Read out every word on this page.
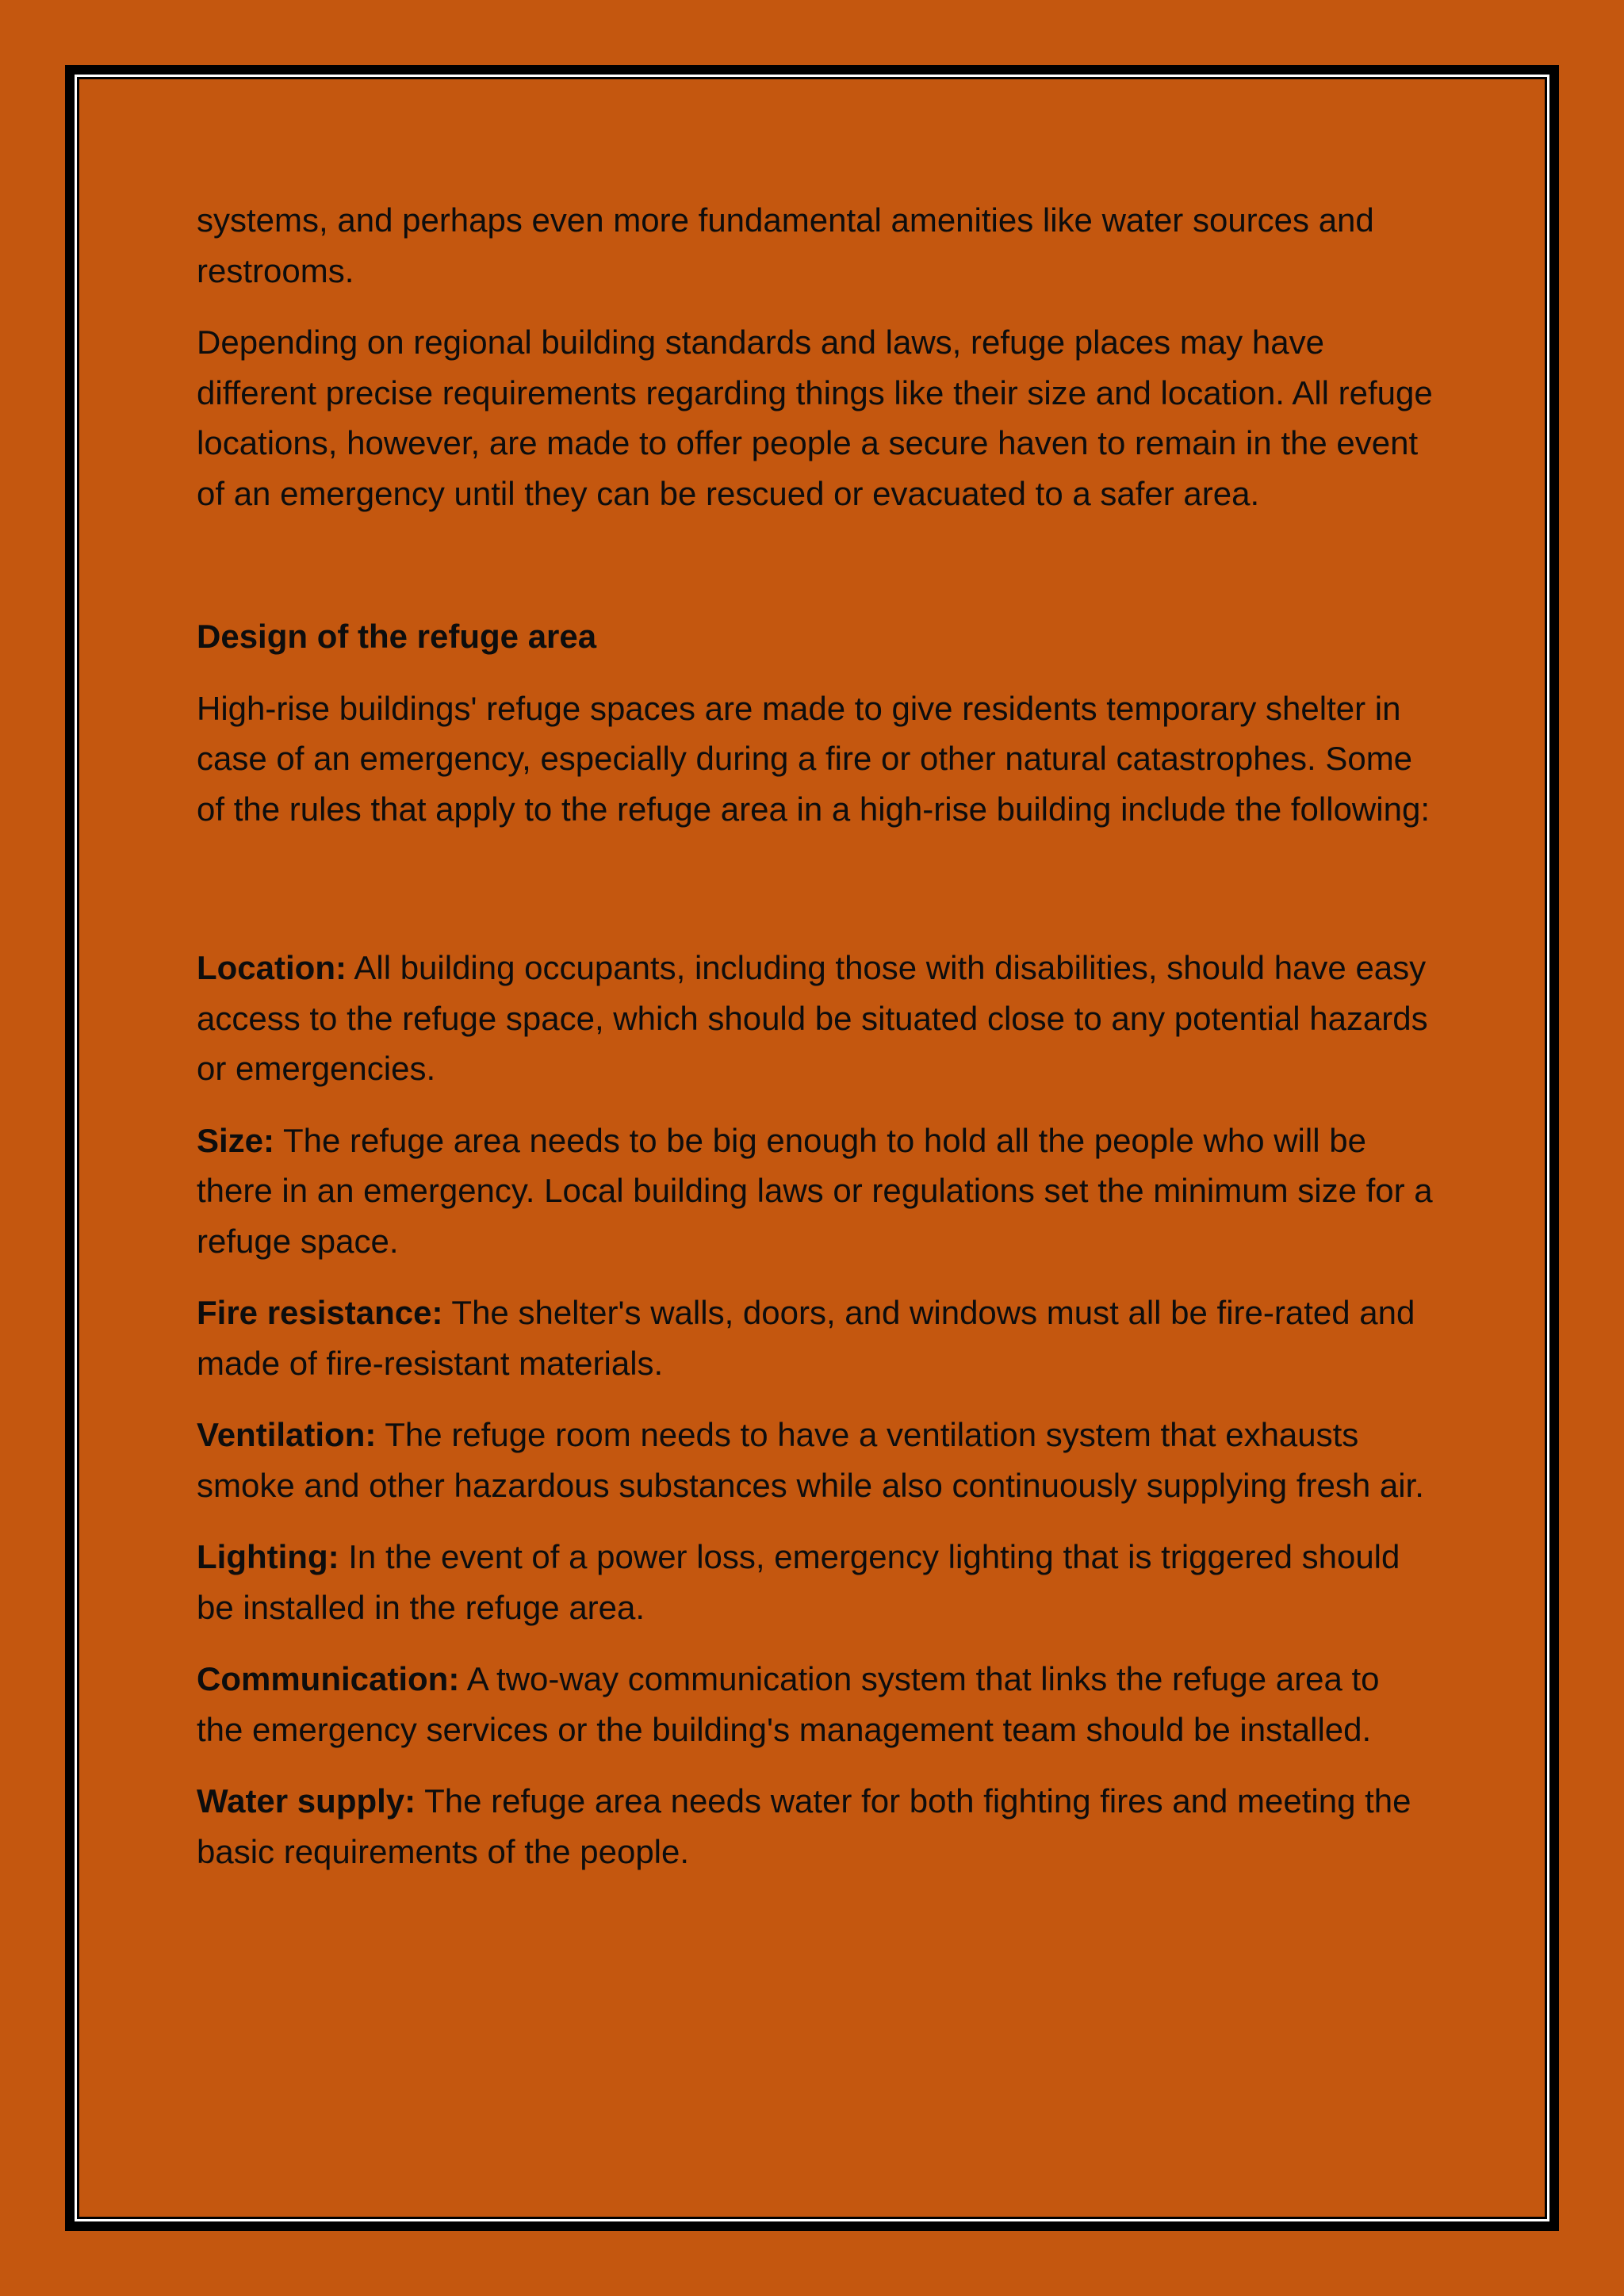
systems, and perhaps even more fundamental amenities like water sources and restrooms.

Depending on regional building standards and laws, refuge places may have different precise requirements regarding things like their size and location. All refuge locations, however, are made to offer people a secure haven to remain in the event of an emergency until they can be rescued or evacuated to a safer area.

Design of the refuge area

High-rise buildings' refuge spaces are made to give residents temporary shelter in case of an emergency, especially during a fire or other natural catastrophes. Some of the rules that apply to the refuge area in a high-rise building include the following:

Location: All building occupants, including those with disabilities, should have easy access to the refuge space, which should be situated close to any potential hazards or emergencies.

Size: The refuge area needs to be big enough to hold all the people who will be there in an emergency. Local building laws or regulations set the minimum size for a refuge space.

Fire resistance: The shelter's walls, doors, and windows must all be fire-rated and made of fire-resistant materials.

Ventilation: The refuge room needs to have a ventilation system that exhausts smoke and other hazardous substances while also continuously supplying fresh air.

Lighting: In the event of a power loss, emergency lighting that is triggered should be installed in the refuge area.

Communication: A two-way communication system that links the refuge area to the emergency services or the building's management team should be installed.

Water supply: The refuge area needs water for both fighting fires and meeting the basic requirements of the people.
